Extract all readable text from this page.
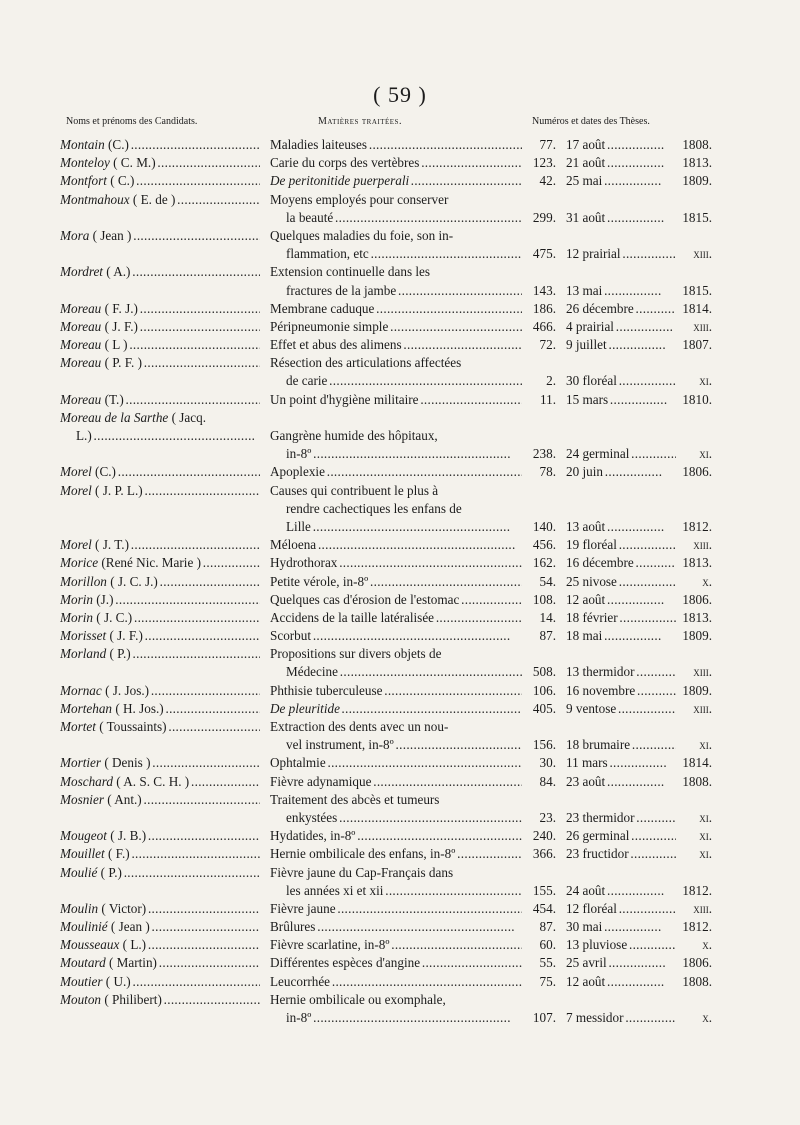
( 59 )
Noms et prénoms des Candidats.	Matières traitées.	Numéros et dates des Thèses.
Montain (C.) . . .	Maladies laiteuses . . .	77. 17 août . . .	1808.
Monteloy ( C. M.) . . .	Carie du corps des vertèbres . . .	123. 21 août . . .	1813.
Montfort ( C.) . . .	De peritonitide puerperali . . .	42. 25 mai . . .	1809.
Montmahoux ( E. de ) . . .	Moyens employés pour conserver
la beauté . . .	299. 31 août . . .	1815.
Mora ( Jean ) . . .	Quelques maladies du foie, son in-
flammation, etc . . .	475. 12 prairial . . .	xiii.
Mordret ( A.) . . .	Extension continuelle dans les
fractures de la jambe . . .	143. 13 mai . . .	1815.
Moreau ( F. J.) . . .	Membrane caduque . . .	186. 26 décembre . . .	1814.
Moreau ( J. F.) . . .	Péripneumonie simple . . .	466. 4 prairial . . .	xiii.
Moreau ( L ) . . .	Effet et abus des alimens . . .	72. 9 juillet . . .	1807.
Moreau ( P. F. ) . . .	Résection des articulations affectées
de carie . . .	2. 30 floréal . . .	xi.
Moreau (T.) . . .	Un point d'hygiène militaire . . .	11. 15 mars . . .	1810.
Moreau de la Sarthe ( Jacq.
L.) . . .	Gangrène humide des hôpitaux,
in-8º . . .	238. 24 germinal . . .	xi.
Morel (C.) . . .	Apoplexie . . .	78. 20 juin . . .	1806.
Morel ( J. P. L.) . . .	Causes qui contribuent le plus à
rendre cachectiques les enfans de
Lille . . .	140. 13 août . . .	1812.
Morel ( J. T.) . . .	Méloena . . .	456. 19 floréal . . .	xiii.
Morice (René Nic. Marie ) . . .	Hydrothorax . . .	162. 16 décembre . . .	1813.
Morillon ( J. C. J.) . . .	Petite vérole, in-8º . . .	54. 25 nivose . . .	x.
Morin (J.) . . .	Quelques cas d'érosion de l'estomac . . .	108. 12 août . . .	1806.
Morin ( J. C.) . . .	Accidens de la taille latéralisée . . .	14. 18 février . . .	1813.
Morisset ( J. F.) . . .	Scorbut . . .	87. 18 mai . . .	1809.
Morland ( P.) . . .	Propositions sur divers objets de
Médecine . . .	508. 13 thermidor . . .	xiii.
Mornac ( J. Jos.) . . .	Phthisie tuberculeuse . . .	106. 16 novembre . . .	1809.
Mortehan ( H. Jos.) . . .	De pleuritide . . .	405. 9 ventose . . .	xiii.
Mortet ( Toussaints) . . .	Extraction des dents avec un nou-
vel instrument, in-8º . . .	156. 18 brumaire . . .	xi.
Mortier ( Denis ) . . .	Ophtalmie . . .	30. 11 mars . . .	1814.
Moschard ( A. S. C. H. ) . . .	Fièvre adynamique . . .	84. 23 août . . .	1808.
Mosnier ( Ant.) . . .	Traitement des abcès et tumeurs
enkystées . . .	23. 23 thermidor . . .	xi.
Mougeot ( J. B.) . . .	Hydatides, in-8º . . .	240. 26 germinal . . .	xi.
Mouillet ( F.) . . .	Hernie ombilicale des enfans, in-8º . . .	366. 23 fructidor . . .	xi.
Moulié ( P.) . . .	Fièvre jaune du Cap-Français dans
les années xi et xii . . .	155. 24 août . . .	1812.
Moulin ( Victor) . . .	Fièvre jaune . . .	454. 12 floréal . . .	xiii.
Moulinié ( Jean ) . . .	Brûlures . . .	87. 30 mai . . .	1812.
Mousseaux ( L.) . . .	Fièvre scarlatine, in-8º . . .	60. 13 pluviose . . .	x.
Moutard ( Martin) . . .	Différentes espèces d'angine . . .	55. 25 avril . . .	1806.
Moutier ( U.) . . .	Leucorrhée . . .	75. 12 août . . .	1808.
Mouton ( Philibert) . . .	Hernie ombilicale ou exomphale,
in-8º . . .	107. 7 messidor . . .	x.
